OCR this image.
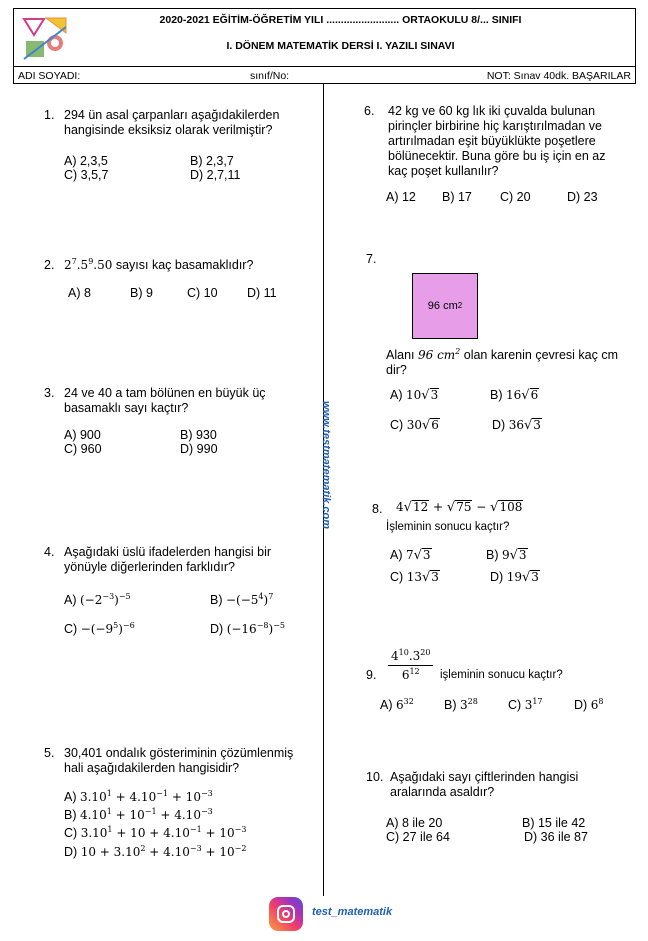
2020-2021 EĞİTİM-ÖĞRETİM YILI ......................... ORTAOKULU 8/... SINIFI
I. DÖNEM MATEMATİK DERSİ I. YAZILI SINAVI
ADI SOYADI:	sınıf/No:	NOT: Sınav 40dk. BAŞARILAR
www.testmatematik.com
1. 294 ün asal çarpanları aşağıdakilerden hangisinde eksiksiz olarak verilmiştir?
A) 2,3,5	B) 2,3,7
C) 3,5,7	D) 2,7,11
2. $2^7.5^9.50$ sayısı kaç basamaklıdır?
A) 8	B) 9	C) 10 D) 11
3. 24 ve 40 a tam bölünen en büyük üç basamaklı sayı kaçtır?
A) 900	B) 930
C) 960	D) 990
4. Aşağıdaki üslü ifadelerden hangisi bir yönüyle diğerlerinden farklıdır?
A) $(-2^{-3})^{-5}$	$B) -(-5^4)^7$
$C) -(-9^5)^{-6}$	D) $(-16^{-8})^{-5}$
5. 30,401 ondalık gösteriminin çözümlenmiş hali aşağıdakilerden hangisidir?
A) $3.10^1 + 4.10^{-1} + 10^{-3}$
B) $4.10^1 + 10^{-1} + 4.10^{-3}$
C) $3.10^1 + 10 + 4.10^{-1} + 10^{-3}$
D) $10 + 3.10^2 + 4.10^{-3} + 10^{-2}$
6. 42 kg ve 60 kg lık iki çuvalda bulunan pirinçler birbirine hiç karıştırılmadan ve artırılmadan eşit büyüklükte poşetlere bölünecektir. Buna göre bu iş için en az kaç poşet kullanılır?
A) 12 B) 17 C) 20	D) 23
7.
96 cm 2
Alanı 96 $cm^2$ olan karenin çevresi kaç cm dir?
A) 10√3	B) 16√6
C) 30√6	D) 36√3
8. 4√12 + √75 − √108
İşleminin sonucu kaçtır?
A) 7√3	B) 9√3
C) 13√3	D) 19√3
9. $\frac{4^{10}.3^{20}}{6^{12}}$ işleminin sonucu kaçtır?
A) $6^{32}$ B) $3^{28}$ C) $3^{17}$	D) $6^8$
10. Aşağıdaki sayı çiftlerinden hangisi aralarında asaldır?
A) 8 ile 20	B) 15 ile 42
C) 27 ile 64	D) 36 ile 87
test_matematik
